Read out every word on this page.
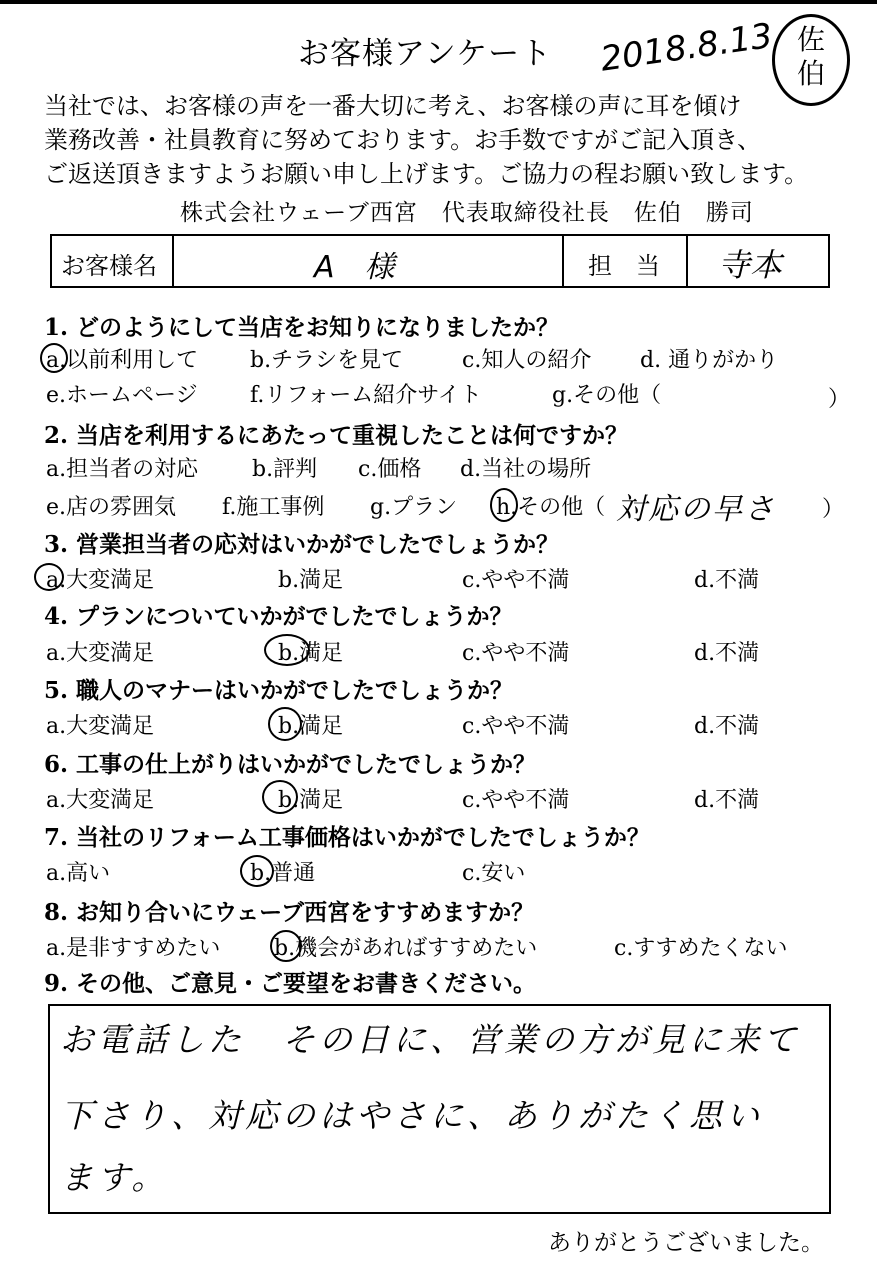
お客様アンケート 2018.8.13 佐
伯
当社では、お客様の声を一番大切に考え、お客様の声に耳を傾け
業務改善・社員教育に努めております。お手数ですがご記入頂き、
ご返送頂きますようお願い申し上げます。ご協力の程お願い致します。
株式会社ウェーブ西宮　代表取締役社長　佐伯　勝司
お客様名	A　様	担　当 寺本
1. どのようにして当店をお知りになりましたか？
a.以前利用して b.チラシを見て	c.知人の紹介 d. 通りがかり
e.ホームページ f.リフォーム紹介サイト	g.その他（	）
2. 当店を利用するにあたって重視したことは何ですか？
a.担当者の対応 b.評判 c.価格 d.当社の場所
e.店の雰囲気 f.施工事例 g.プラン h.その他（ 対応の早さ ）
3. 営業担当者の応対はいかがでしたでしょうか？
a.大変満足	b.満足	c.やや不満	d.不満
4. プランについていかがでしたでしょうか？
a.大変満足	b.満足	c.やや不満	d.不満
5. 職人のマナーはいかがでしたでしょうか？
a.大変満足	b.満足	c.やや不満	d.不満
6. 工事の仕上がりはいかがでしたでしょうか？
a.大変満足	b.満足	c.やや不満	d.不満
7. 当社のリフォーム工事価格はいかがでしたでしょうか？
a.高い	b.普通	c.安い
8. お知り合いにウェーブ西宮をすすめますか？
a.是非すすめたい b.機会があればすすめたい	c.すすめたくない
9. その他、ご意見・ご要望をお書きください。
お電話した　その日に、営業の方が見に来て
下さり、対応のはやさに、ありがたく思い
ます。
ありがとうございました。
